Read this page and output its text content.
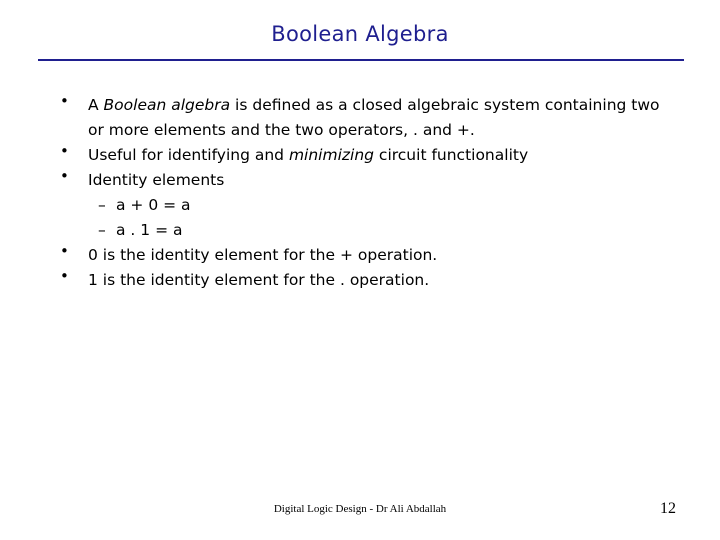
Boolean Algebra
• A Boolean algebra is defined as a closed algebraic system containing two or more elements and the two operators, . and +.
• Useful for identifying and minimizing circuit functionality
• Identity elements
– a + 0 = a
– a . 1 = a
• 0 is the identity element for the + operation.
• 1 is the identity element for the . operation.
Digital Logic Design - Dr Ali Abdallah	12
